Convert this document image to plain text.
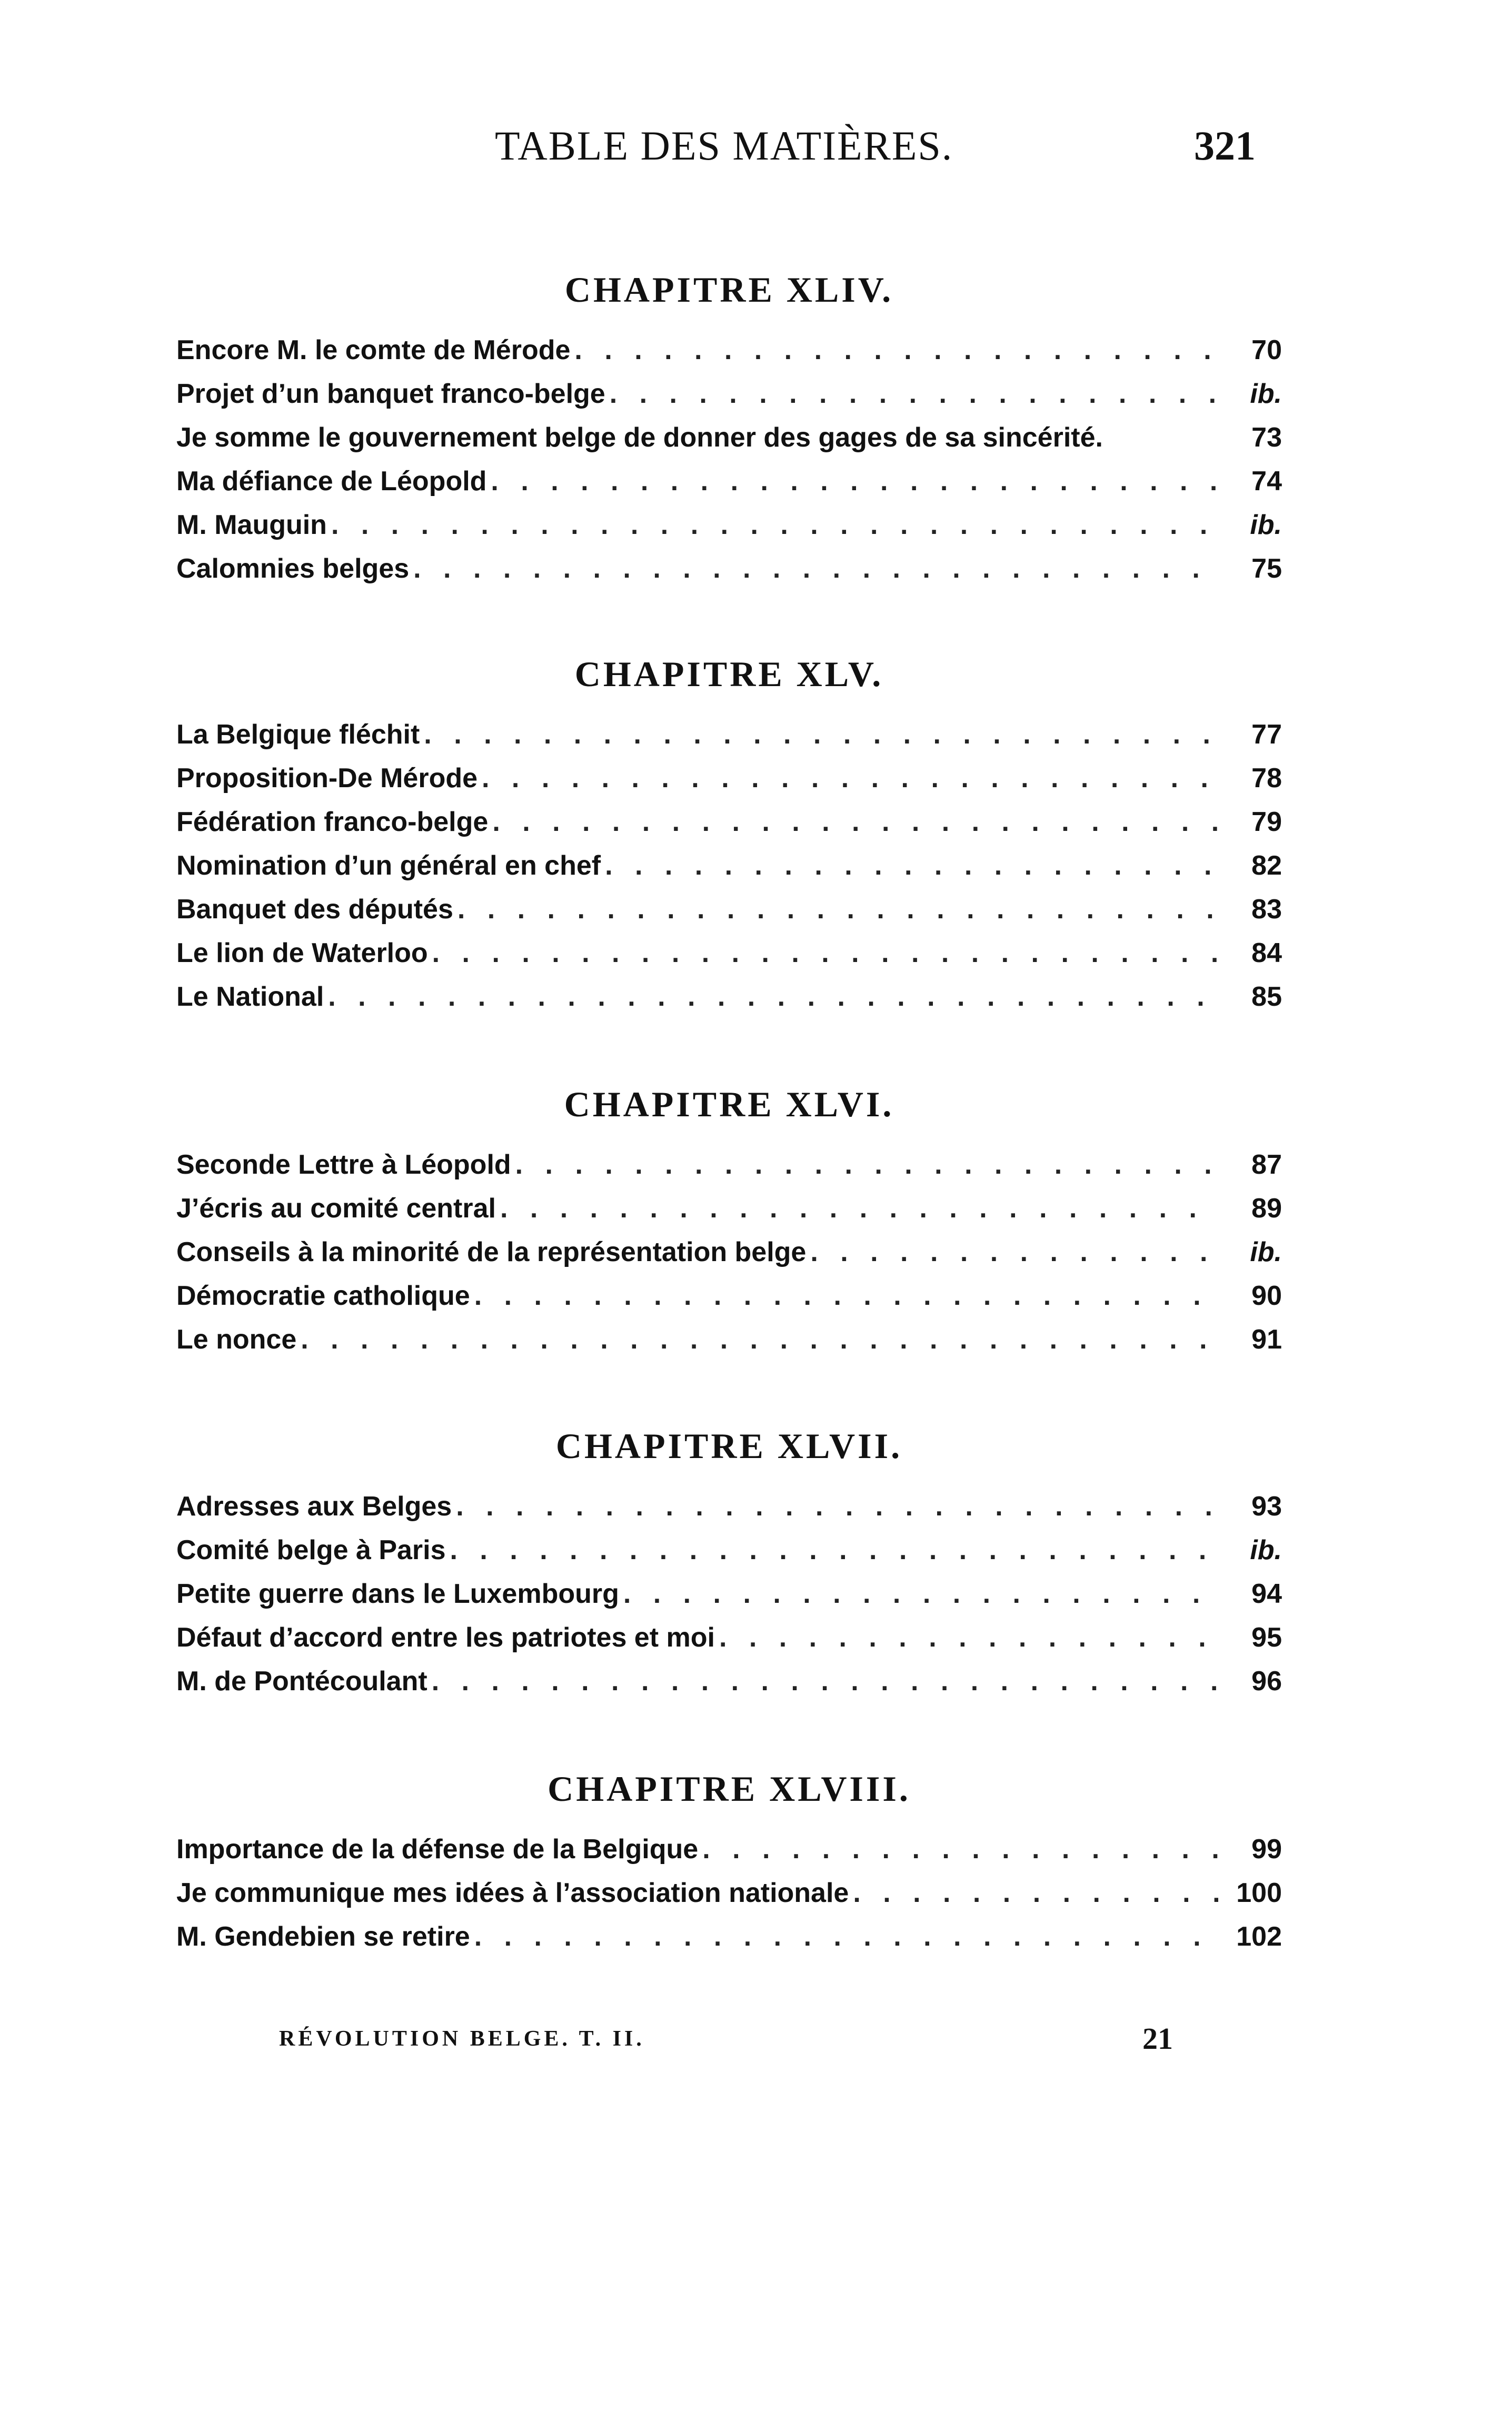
TABLE DES MATIÈRES.	321
CHAPITRE XLIV.
Encore M. le comte de Mérode . . .	70
Projet d’un banquet franco-belge . . .	ib.
Je somme le gouvernement belge de donner des gages de sa sincérité.	73
Ma défiance de Léopold . . .	74
M. Mauguin . . .	ib.
Calomnies belges . . .	75
CHAPITRE XLV.
La Belgique fléchit . . .	77
Proposition-De Mérode . . .	78
Fédération franco-belge . . .	79
Nomination d’un général en chef . . .	82
Banquet des députés . . .	83
Le lion de Waterloo . . .	84
Le National . . .	85
CHAPITRE XLVI.
Seconde Lettre à Léopold . . .	87
J’écris au comité central . . .	89
Conseils à la minorité de la représentation belge . . .	ib.
Démocratie catholique . . .	90
Le nonce . . .	91
CHAPITRE XLVII.
Adresses aux Belges . . .	93
Comité belge à Paris . . .	ib.
Petite guerre dans le Luxembourg . . .	94
Défaut d’accord entre les patriotes et moi . . .	95
M. de Pontécoulant . . .	96
CHAPITRE XLVIII.
Importance de la défense de la Belgique . . .	99
Je communique mes idées à l’association nationale . . .	100
M. Gendebien se retire . . .	102
RÉVOLUTION BELGE. T. II.	21
